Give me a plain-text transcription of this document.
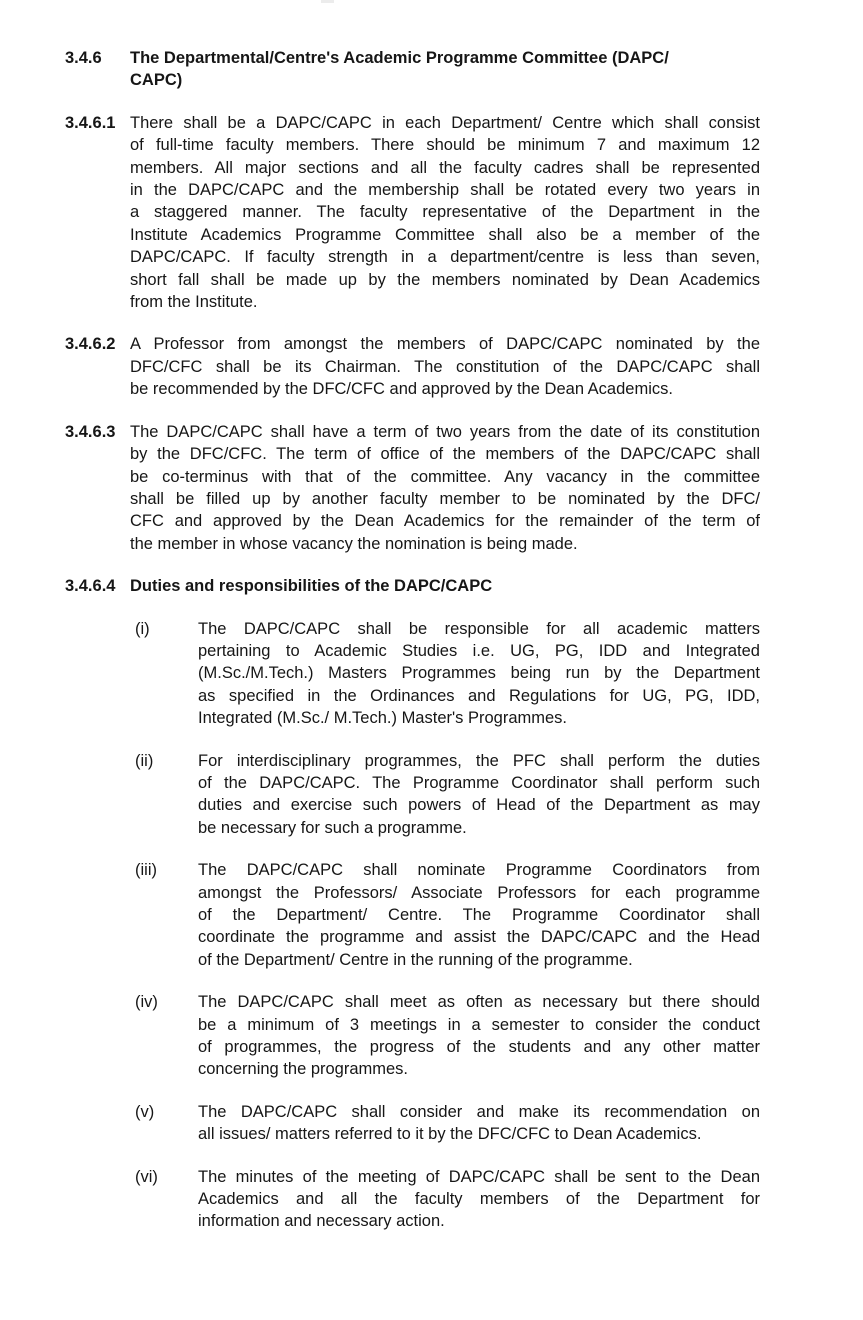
3.4.6	The Departmental/Centre's Academic Programme Committee (DAPC/
CAPC)
3.4.6.1 There shall be a DAPC/CAPC in each Department/ Centre which shall consist
of full-time faculty members. There should be minimum 7 and maximum 12
members. All major sections and all the faculty cadres shall be represented
in the DAPC/CAPC and the membership shall be rotated every two years in
a staggered manner. The faculty representative of the Department in the
Institute Academics Programme Committee shall also be a member of the
DAPC/CAPC. If faculty strength in a department/centre is less than seven,
short fall shall be made up by the members nominated by Dean Academics
from the Institute.
3.4.6.2 A Professor from amongst the members of DAPC/CAPC nominated by the
DFC/CFC shall be its Chairman. The constitution of the DAPC/CAPC shall
be recommended by the DFC/CFC and approved by the Dean Academics.
3.4.6.3 The DAPC/CAPC shall have a term of two years from the date of its constitution
by the DFC/CFC. The term of office of the members of the DAPC/CAPC shall
be co-terminus with that of the committee. Any vacancy in the committee
shall be filled up by another faculty member to be nominated by the DFC/
CFC and approved by the Dean Academics for the remainder of the term of
the member in whose vacancy the nomination is being made.
3.4.6.4 Duties and responsibilities of the DAPC/CAPC
(i)	The DAPC/CAPC shall be responsible for all academic matters
pertaining to Academic Studies i.e. UG, PG, IDD and Integrated
(M.Sc./M.Tech.) Masters Programmes being run by the Department
as specified in the Ordinances and Regulations for UG, PG, IDD,
Integrated (M.Sc./ M.Tech.) Master's Programmes.
(ii)	For interdisciplinary programmes, the PFC shall perform the duties
of the DAPC/CAPC. The Programme Coordinator shall perform such
duties and exercise such powers of Head of the Department as may
be necessary for such a programme.
(iii)	The DAPC/CAPC shall nominate Programme Coordinators from
amongst the Professors/ Associate Professors for each programme
of the Department/ Centre. The Programme Coordinator shall
coordinate the programme and assist the DAPC/CAPC and the Head
of the Department/ Centre in the running of the programme.
(iv)	The DAPC/CAPC shall meet as often as necessary but there should
be a minimum of 3 meetings in a semester to consider the conduct
of programmes, the progress of the students and any other matter
concerning the programmes.
(v)	The DAPC/CAPC shall consider and make its recommendation on
all issues/ matters referred to it by the DFC/CFC to Dean Academics.
(vi)	The minutes of the meeting of DAPC/CAPC shall be sent to the Dean
Academics and all the faculty members of the Department for
information and necessary action.
